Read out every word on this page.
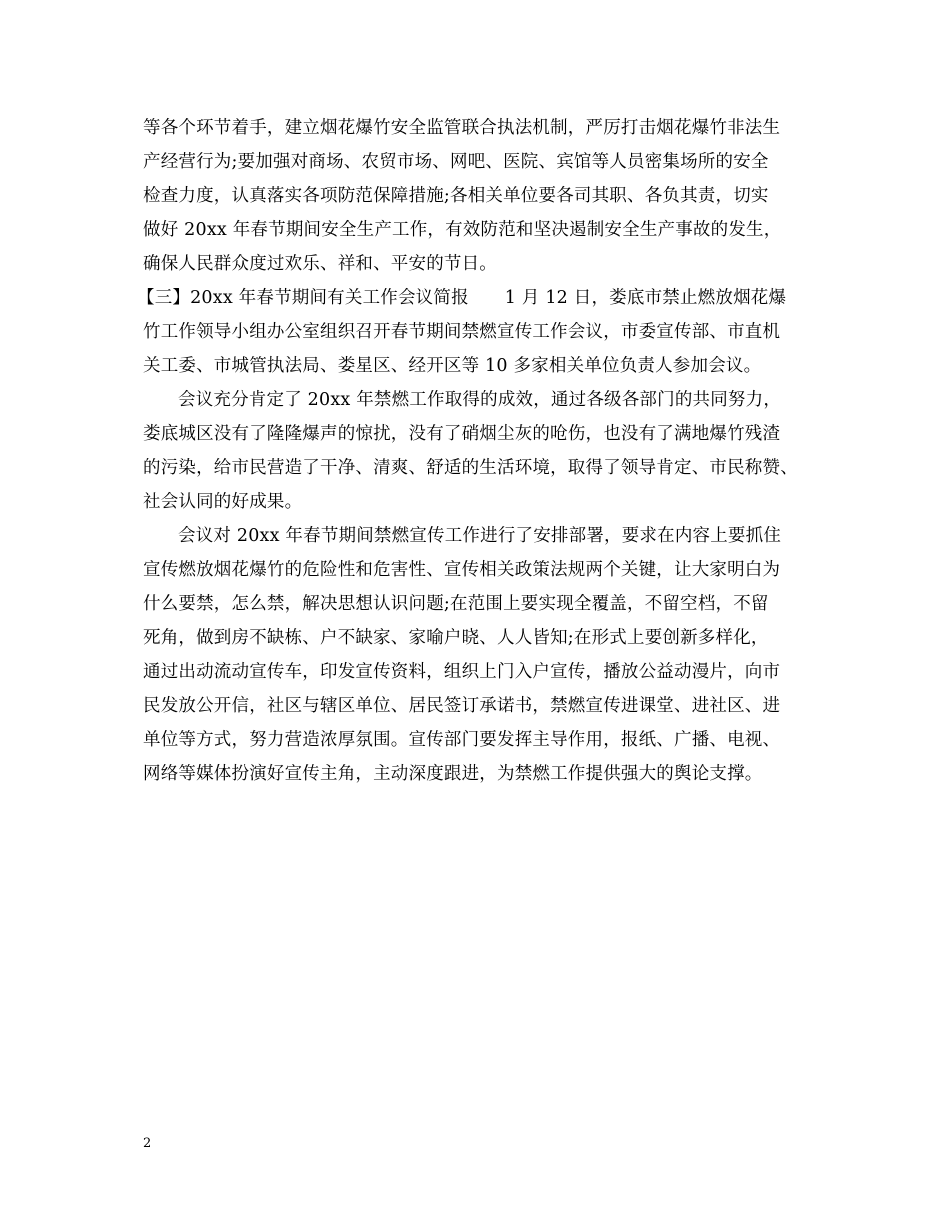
等各个环节着手，建立烟花爆竹安全监管联合执法机制，严厉打击烟花爆竹非法生
产经营行为;要加强对商场、农贸市场、网吧、医院、宾馆等人员密集场所的安全
检查力度，认真落实各项防范保障措施;各相关单位要各司其职、各负其责，切实
做好 20xx 年春节期间安全生产工作，有效防范和坚决遏制安全生产事故的发生，
确保人民群众度过欢乐、祥和、平安的节日。
【三】20xx 年春节期间有关工作会议简报 1 月 12 日，娄底市禁止燃放烟花爆
竹工作领导小组办公室组织召开春节期间禁燃宣传工作会议，市委宣传部、市直机
关工委、市城管执法局、娄星区、经开区等 10 多家相关单位负责人参加会议。
会议充分肯定了 20xx 年禁燃工作取得的成效，通过各级各部门的共同努力，
娄底城区没有了隆隆爆声的惊扰，没有了硝烟尘灰的呛伤，也没有了满地爆竹残渣
的污染，给市民营造了干净、清爽、舒适的生活环境，取得了领导肯定、市民称赞、
社会认同的好成果。
会议对 20xx 年春节期间禁燃宣传工作进行了安排部署，要求在内容上要抓住
宣传燃放烟花爆竹的危险性和危害性、宣传相关政策法规两个关键，让大家明白为
什么要禁，怎么禁，解决思想认识问题;在范围上要实现全覆盖，不留空档，不留
死角，做到房不缺栋、户不缺家、家喻户晓、人人皆知;在形式上要创新多样化，
通过出动流动宣传车，印发宣传资料，组织上门入户宣传，播放公益动漫片，向市
民发放公开信，社区与辖区单位、居民签订承诺书，禁燃宣传进课堂、进社区、进
单位等方式，努力营造浓厚氛围。宣传部门要发挥主导作用，报纸、广播、电视、
网络等媒体扮演好宣传主角，主动深度跟进，为禁燃工作提供强大的舆论支撑。
2
